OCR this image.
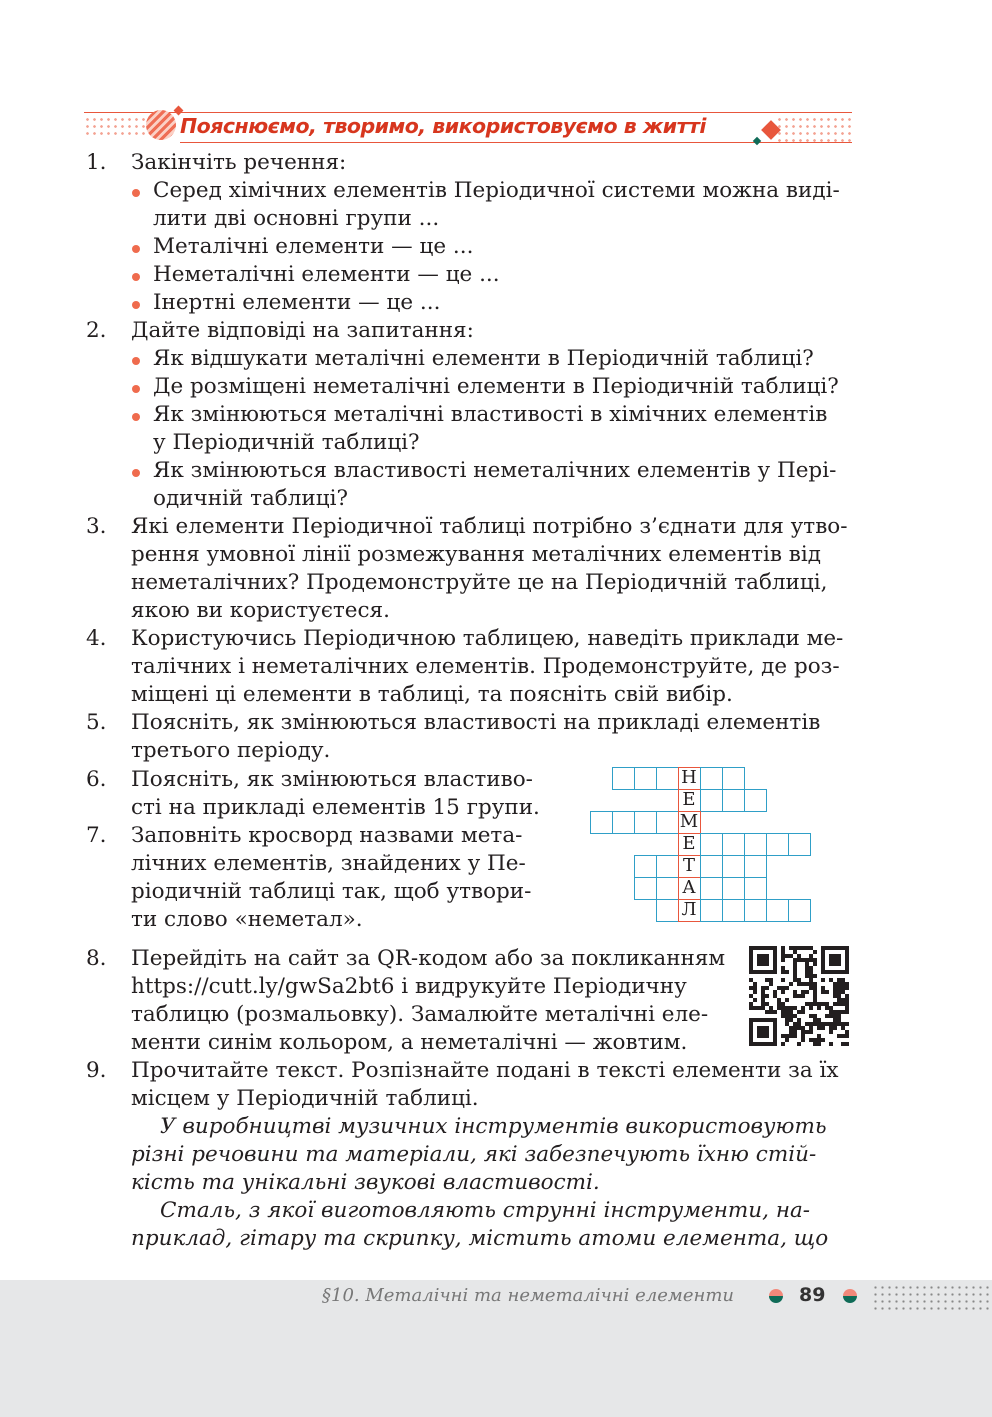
Пояснюємо, творимо, використовуємо в житті
1. Закінчіть речення:
Серед хімічних елементів Періодичної системи можна виді-
лити дві основні групи ...
Металічні елементи — це ...
Неметалічні елементи — це ...
Інертні елементи — це ...
2. Дайте відповіді на запитання:
Як відшукати металічні елементи в Періодичній таблиці?
Де розміщені неметалічні елементи в Періодичній таблиці?
Як змінюються металічні властивості в хімічних елементів
у Періодичній таблиці?
Як змінюються властивості неметалічних елементів у Пері-
одичній таблиці?
3. Які елементи Періодичної таблиці потрібно з’єднати для утво-
рення умовної лінії розмежування металічних елементів від
неметалічних? Продемонструйте це на Періодичній таблиці,
якою ви користуєтеся.
4. Користуючись Періодичною таблицею, наведіть приклади ме-
талічних і неметалічних елементів. Продемонструйте, де роз-
міщені ці елементи в таблиці, та поясніть свій вибір.
5. Поясніть, як змінюються властивості на прикладі елементів
третього періоду.
6. Поясніть, як змінюються властиво-
сті на прикладі елементів 15 групи.
7. Заповніть кросворд назвами мета-
лічних елементів, знайдених у Пе-
ріодичній таблиці так, щоб утвори-
ти слово «неметал».
Н
Е
М
Е
Т
А
Л
8. Перейдіть на сайт за QR-кодом або за покликанням
https://cutt.ly/gwSa2bt6 і видрукуйте Періодичну
таблицю (розмальовку). Замалюйте металічні еле-
менти синім кольором, а неметалічні — жовтим.
9. Прочитайте текст. Розпізнайте подані в тексті елементи за їх
місцем у Періодичній таблиці.
У виробництві музичних інструментів використовують
різні речовини та матеріали, які забезпечують їхню стій-
кість та унікальні звукові властивості.
Сталь, з якої виготовляють струнні інструменти, на-
приклад, гітару та скрипку, містить атоми елемента, що
§10. Металічні та неметалічні елементи	89
